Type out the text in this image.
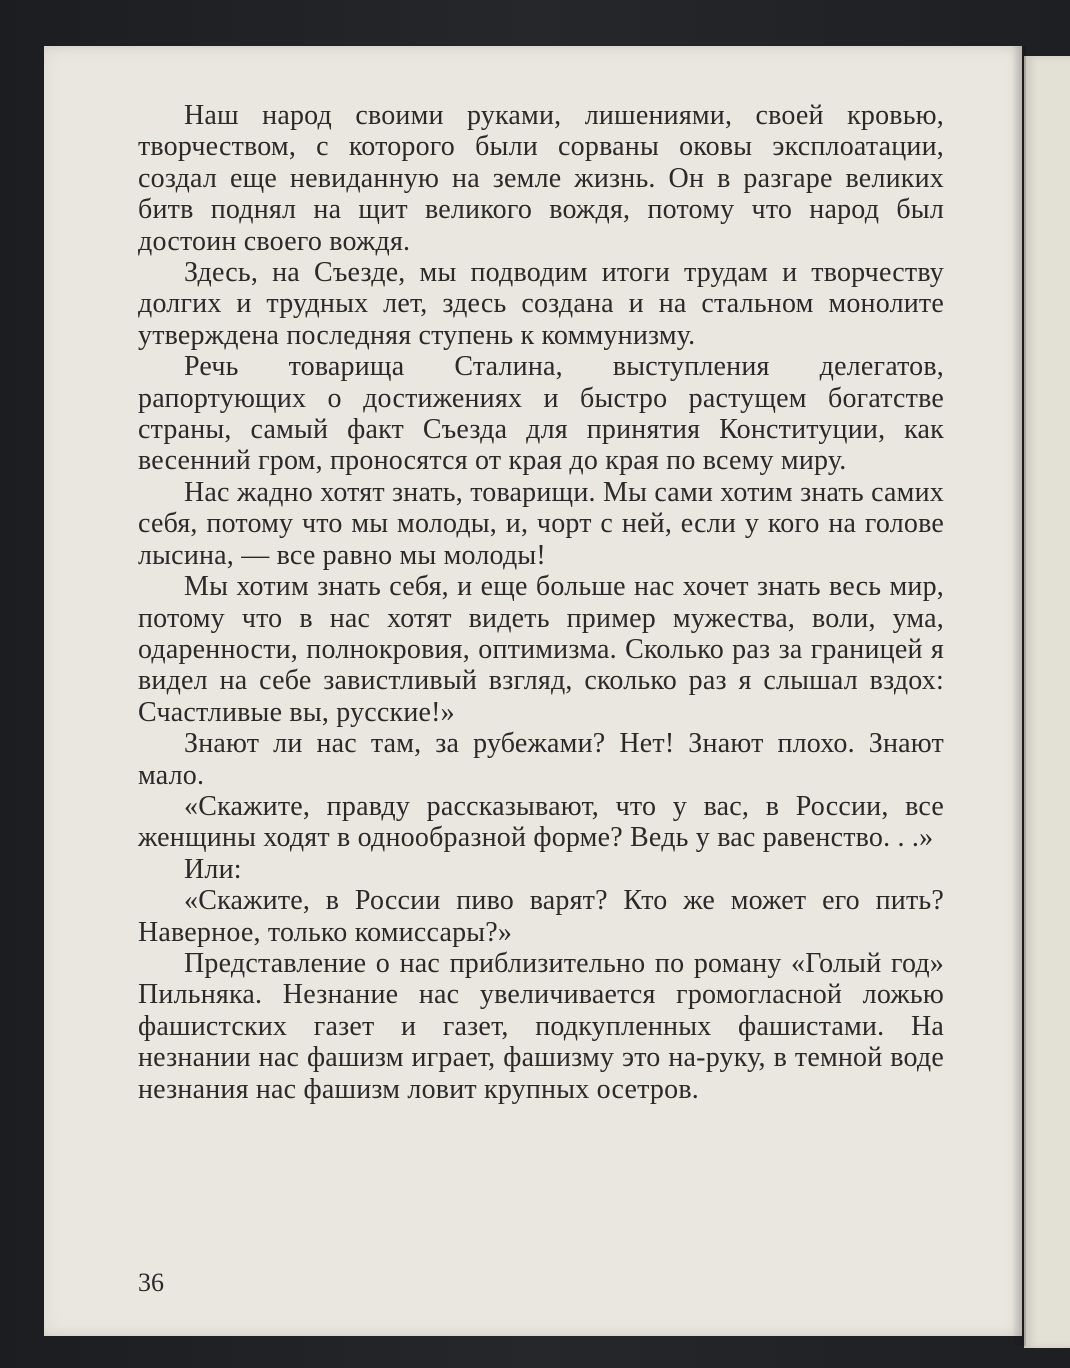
Наш народ своими руками, лишениями, своей кровью, творчеством, с которого были сорваны оковы эксплоатации, создал еще невиданную на земле жизнь. Он в разгаре великих битв поднял на щит великого вождя, потому что народ был достоин своего вождя.

Здесь, на Съезде, мы подводим итоги трудам и творчеству долгих и трудных лет, здесь создана и на стальном монолите утверждена последняя ступень к коммунизму.

Речь товарища Сталина, выступления делегатов, рапортующих о достижениях и быстро растущем богатстве страны, самый факт Съезда для принятия Конституции, как весенний гром, проносятся от края до края по всему миру.

Нас жадно хотят знать, товарищи. Мы сами хотим знать самих себя, потому что мы молоды, и, чорт с ней, если у кого на голове лысина, — все равно мы молоды!

Мы хотим знать себя, и еще больше нас хочет знать весь мир, потому что в нас хотят видеть пример мужества, воли, ума, одаренности, полнокровия, оптимизма. Сколько раз за границей я видел на себе завистливый взгляд, сколько раз я слышал вздох: Счастливые вы, русские!»

Знают ли нас там, за рубежами? Нет! Знают плохо. Знают мало.

«Скажите, правду рассказывают, что у вас, в России, все женщины ходят в однообразной форме? Ведь у вас равенство. . .»

Или:

«Скажите, в России пиво варят? Кто же может его пить? Наверное, только комиссары?»

Представление о нас приблизительно по роману «Голый год» Пильняка. Незнание нас увеличивается громогласной ложью фашистских газет и газет, подкупленных фашистами. На незнании нас фашизм играет, фашизму это на-руку, в темной воде незнания нас фашизм ловит крупных осетров.

36
